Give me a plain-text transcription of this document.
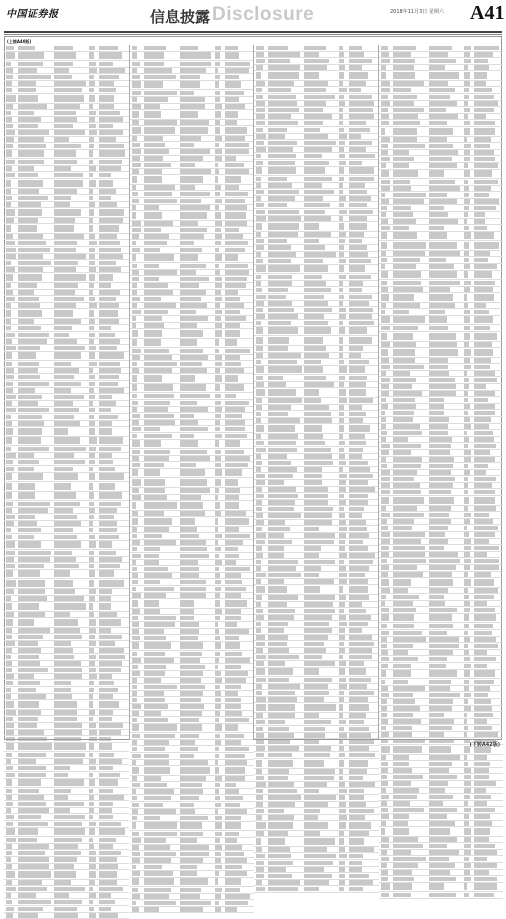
中国证券报	信息披露 Disclosure	2018年11月3日 星期六 A41
(上接A40版)
(下转A42版)
